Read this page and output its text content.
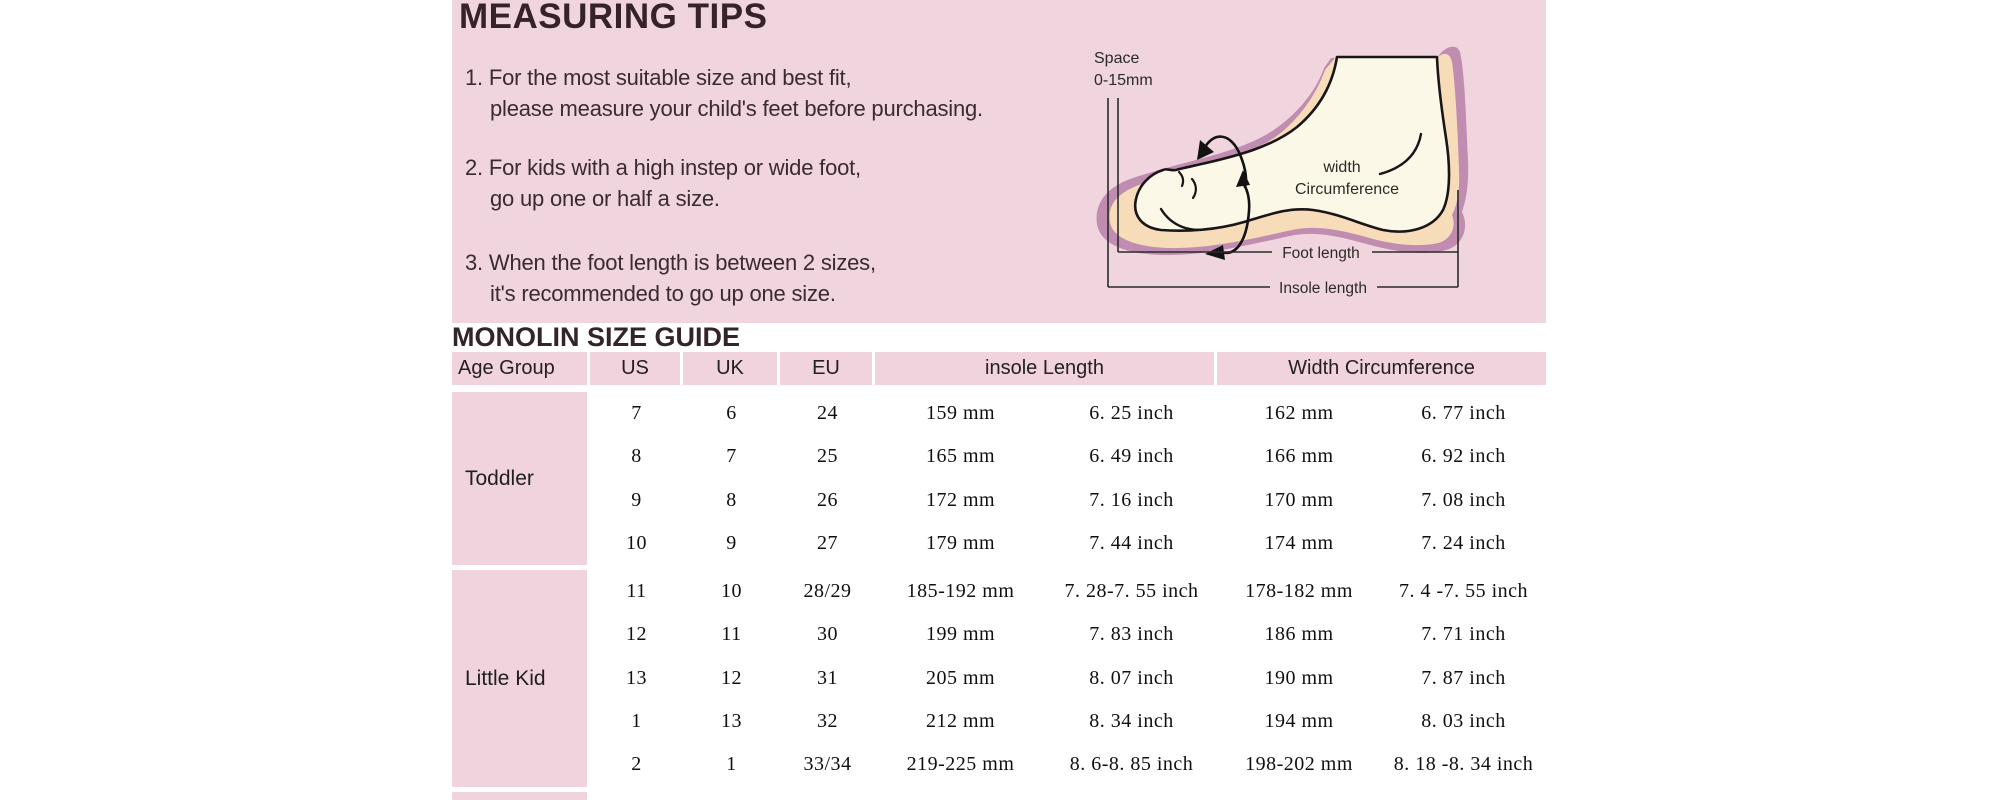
MEASURING TIPS

1. For the most suitable size and best fit,
please measure your child's feet before purchasing.

2. For kids with a high instep or wide foot,
go up one or half a size.

3. When the foot length is between 2 sizes,
it's recommended to go up one size.

Space
0-15mm
width
Circumference
Foot length
Insole length
MONOLIN SIZE GUIDE
Age Group	US	UK	EU	insole Length	Width Circumference
Toddler
7	6	24	159 mm	6. 25 inch	162 mm	6. 77 inch
8	7	25	165 mm	6. 49 inch	166 mm	6. 92 inch
9	8	26	172 mm	7. 16 inch	170 mm	7. 08 inch
10	9	27	179 mm	7. 44 inch	174 mm	7. 24 inch
Little Kid
11	10	28/29	185-192 mm	7. 28-7. 55 inch	178-182 mm	7. 4 -7. 55 inch
12	11	30	199 mm	7. 83 inch	186 mm	7. 71 inch
13	12	31	205 mm	8. 07 inch	190 mm	7. 87 inch
1	13	32	212 mm	8. 34 inch	194 mm	8. 03 inch
2	1	33/34	219-225 mm	8. 6-8. 85 inch	198-202 mm	8. 18 -8. 34 inch
